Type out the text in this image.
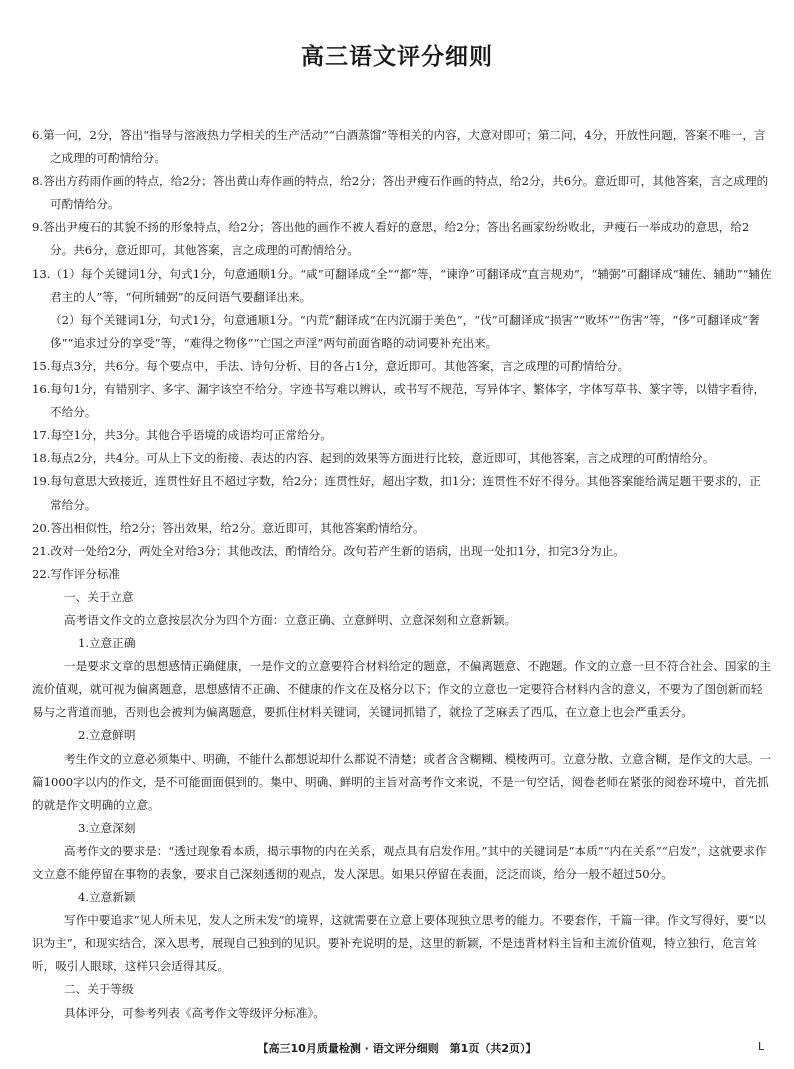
高三语文评分细则
6.第一问，2分，答出“指导与溶液热力学相关的生产活动”“白酒蒸馏”等相关的内容，大意对即可；第二问，4分，开放性问题，答案不唯一，言之成理的可酌情给分。
8.答出方药雨作画的特点，给2分；答出黄山寿作画的特点，给2分；答出尹瘦石作画的特点，给2分，共6分。意近即可，其他答案，言之成理的可酌情给分。
9.答出尹瘦石的其貌不扬的形象特点，给2分；答出他的画作不被人看好的意思，给2分；答出名画家纷纷败北，尹瘦石一举成功的意思，给2分。共6分，意近即可，其他答案，言之成理的可酌情给分。
13.（1）每个关键词1分，句式1分，句意通顺1分。“咸”可翻译成“全”“都”等，“谏诤”可翻译成“直言规劝”，“辅弼”可翻译成“辅佐、辅助”“辅佐君主的人”等，“何所辅弼”的反问语气要翻译出来。
（2）每个关键词1分，句式1分，句意通顺1分。“内荒”翻译成“在内沉溺于美色”，“伐”可翻译成“损害”“败坏”“伤害”等，“侈”可翻译成“奢侈”“追求过分的享受”等，“难得之物侈”“亡国之声淫”两句前面省略的动词要补充出来。
15.每点3分，共6分。每个要点中，手法、诗句分析、目的各占1分，意近即可。其他答案，言之成理的可酌情给分。
16.每句1分，有错别字、多字、漏字该空不给分。字迹书写难以辨认，或书写不规范，写异体字、繁体字，字体写草书、篆字等，以错字看待，不给分。
17.每空1分，共3分。其他合乎语境的成语均可正常给分。
18.每点2分，共4分。可从上下文的衔接、表达的内容、起到的效果等方面进行比较，意近即可，其他答案，言之成理的可酌情给分。
19.每句意思大致接近，连贯性好且不超过字数，给2分；连贯性好，超出字数，扣1分；连贯性不好不得分。其他答案能给满足题干要求的，正常给分。
20.答出相似性，给2分；答出效果，给2分。意近即可，其他答案酌情给分。
21.改对一处给2分，两处全对给3分；其他改法，酌情给分。改句若产生新的语病，出现一处扣1分，扣完3分为止。
22.写作评分标准
一、关于立意
高考语文作文的立意按层次分为四个方面：立意正确、立意鲜明、立意深刻和立意新颖。
1.立意正确
一是要求文章的思想感情正确健康，一是作文的立意要符合材料给定的题意，不偏离题意、不跑题。作文的立意一旦不符合社会、国家的主流价值观，就可视为偏离题意，思想感情不正确、不健康的作文在及格分以下；作文的立意也一定要符合材料内含的意义，不要为了图创新而轻易与之背道而驰，否则也会被判为偏离题意，要抓住材料关键词，关键词抓错了，就捡了芝麻丢了西瓜，在立意上也会严重丢分。
2.立意鲜明
考生作文的立意必须集中、明确，不能什么都想说却什么都说不清楚；或者含含糊糊、模棱两可。立意分散、立意含糊，是作文的大忌。一篇1000字以内的作文，是不可能面面俱到的。集中、明确、鲜明的主旨对高考作文来说，不是一句空话，阅卷老师在紧张的阅卷环境中，首先抓的就是作文明确的立意。
3.立意深刻
高考作文的要求是：“透过现象看本质，揭示事物的内在关系，观点具有启发作用。”其中的关键词是“本质”“内在关系”“启发”，这就要求作文立意不能停留在事物的表象，要求自己深刻透彻的观点，发人深思。如果只停留在表面，泛泛而谈，给分一般不超过50分。
4.立意新颖
写作中要追求“见人所未见，发人之所未发”的境界，这就需要在立意上要体现独立思考的能力。不要套作，千篇一律。作文写得好，要“以识为主”，和现实结合，深入思考，展现自己独到的见识。要补充说明的是，这里的新颖，不是违背材料主旨和主流价值观，特立独行，危言耸听，吸引人眼球，这样只会适得其反。
二、关于等级
具体评分，可参考列表《高考作文等级评分标准》。
【高三10月质量检测 · 语文评分细则　第1页（共2页）】	L
